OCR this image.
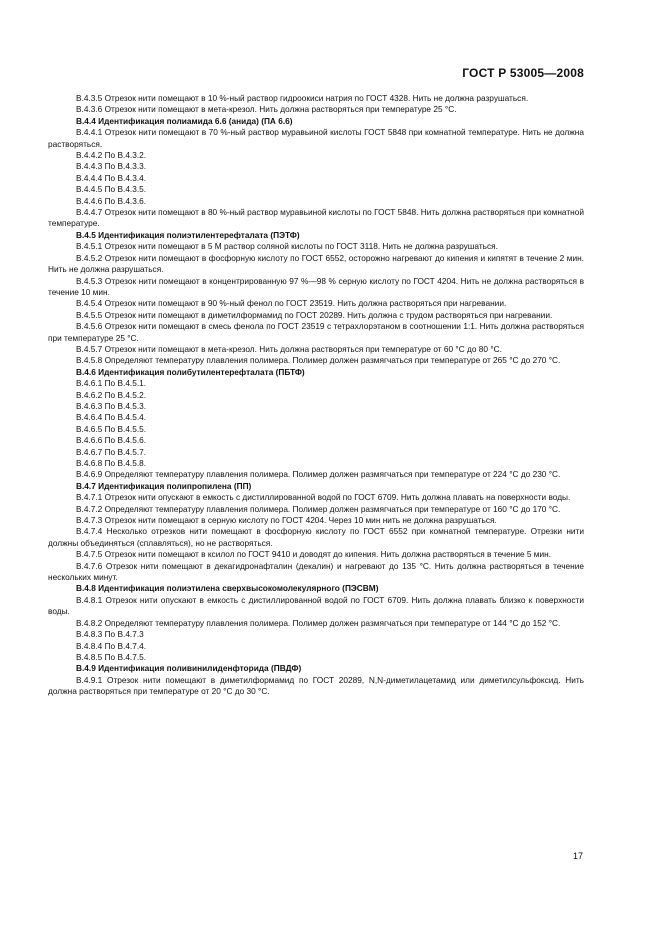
ГОСТ Р 53005—2008

В.4.3.5 Отрезок нити помещают в 10 %-ный раствор гидроокиси натрия по ГОСТ 4328. Нить не должна разрушаться.

В.4.3.6 Отрезок нити помещают в мета-крезол. Нить должна растворяться при температуре 25 °С.

В.4.4 Идентификация полиамида 6.6 (анида) (ПА 6.6)

В.4.4.1 Отрезок нити помещают в 70 %-ный раствор муравьиной кислоты ГОСТ 5848 при комнатной температуре. Нить не должна растворяться.

В.4.4.2 По В.4.3.2.

В.4.4.3 По В.4.3.3.

В.4.4.4 По В.4.3.4.

В.4.4.5 По В.4.3.5.

В.4.4.6 По В.4.3.6.

В.4.4.7 Отрезок нити помещают в 80 %-ный раствор муравьиной кислоты по ГОСТ 5848. Нить должна растворяться при комнатной температуре.

В.4.5 Идентификация полиэтилентерефталата (ПЭТФ)

В.4.5.1 Отрезок нити помещают в 5 М раствор соляной кислоты по ГОСТ 3118. Нить не должна разрушаться.

В.4.5.2 Отрезок нити помещают в фосфорную кислоту по ГОСТ 6552, осторожно нагревают до кипения и кипятят в течение 2 мин. Нить не должна разрушаться.

В.4.5.3 Отрезок нити помещают в концентрированную 97 %—98 % серную кислоту по ГОСТ 4204. Нить не должна растворяться в течение 10 мин.

В.4.5.4 Отрезок нити помещают в 90 %-ный фенол по ГОСТ 23519. Нить должна растворяться при нагревании.

В.4.5.5 Отрезок нити помещают в диметилформамид по ГОСТ 20289. Нить должна с трудом растворяться при нагревании.

В.4.5.6 Отрезок нити помещают в смесь фенола по ГОСТ 23519 с тетрахлорэтаном в соотношении 1:1. Нить должна растворяться при температуре 25 °С.

В.4.5.7 Отрезок нити помещают в мета-крезол. Нить должна растворяться при температуре от 60 °С до 80 °С.

В.4.5.8 Определяют температуру плавления полимера. Полимер должен размягчаться при температуре от 265 °С до 270 °С.

В.4.6 Идентификация полибутилентерефталата (ПБТФ)

В.4.6.1 По В.4.5.1.

В.4.6.2 По В.4.5.2.

В.4.6.3 По В.4.5.3.

В.4.6.4 По В.4.5.4.

В.4.6.5 По В.4.5.5.

В.4.6.6 По В.4.5.6.

В.4.6.7 По В.4.5.7.

В.4.6.8 По В.4.5.8.

В.4.6.9 Определяют температуру плавления полимера. Полимер должен размягчаться при температуре от 224 °С до 230 °С.

В.4.7 Идентификация полипропилена (ПП)

В.4.7.1 Отрезок нити опускают в емкость с дистиллированной водой по ГОСТ 6709. Нить должна плавать на поверхности воды.

В.4.7.2 Определяют температуру плавления полимера. Полимер должен размягчаться при температуре от 160 °С до 170 °С.

В.4.7.3 Отрезок нити помещают в серную кислоту по ГОСТ 4204. Через 10 мин нить не должна разрушаться.

В.4.7.4 Несколько отрезков нити помещают в фосфорную кислоту по ГОСТ 6552 при комнатной температуре. Отрезки нити должны объединяться (сплавляться), но не растворяться.

В.4.7.5 Отрезок нити помещают в ксилол по ГОСТ 9410 и доводят до кипения. Нить должна растворяться в течение 5 мин.

В.4.7.6 Отрезок нити помещают в декагидронафталин (декалин) и нагревают до 135 °С. Нить должна растворяться в течение нескольких минут.

В.4.8 Идентификация полиэтилена сверхвысокомолекулярного (ПЭСВМ)

В.4.8.1 Отрезок нити опускают в емкость с дистиллированной водой по ГОСТ 6709. Нить должна плавать близко к поверхности воды.

В.4.8.2 Определяют температуру плавления полимера. Полимер должен размягчаться при температуре от 144 °С до 152 °С.

В.4.8.3 По В.4.7.3

В.4.8.4 По В.4.7.4.

В.4.8.5 По В.4.7.5.

В.4.9 Идентификация поливинилиденфторида (ПВДФ)

В.4.9.1 Отрезок нити помещают в диметилформамид по ГОСТ 20289, N,N-диметилацетамид или диметилсульфоксид. Нить должна растворяться при температуре от 20 °С до 30 °С.

17
